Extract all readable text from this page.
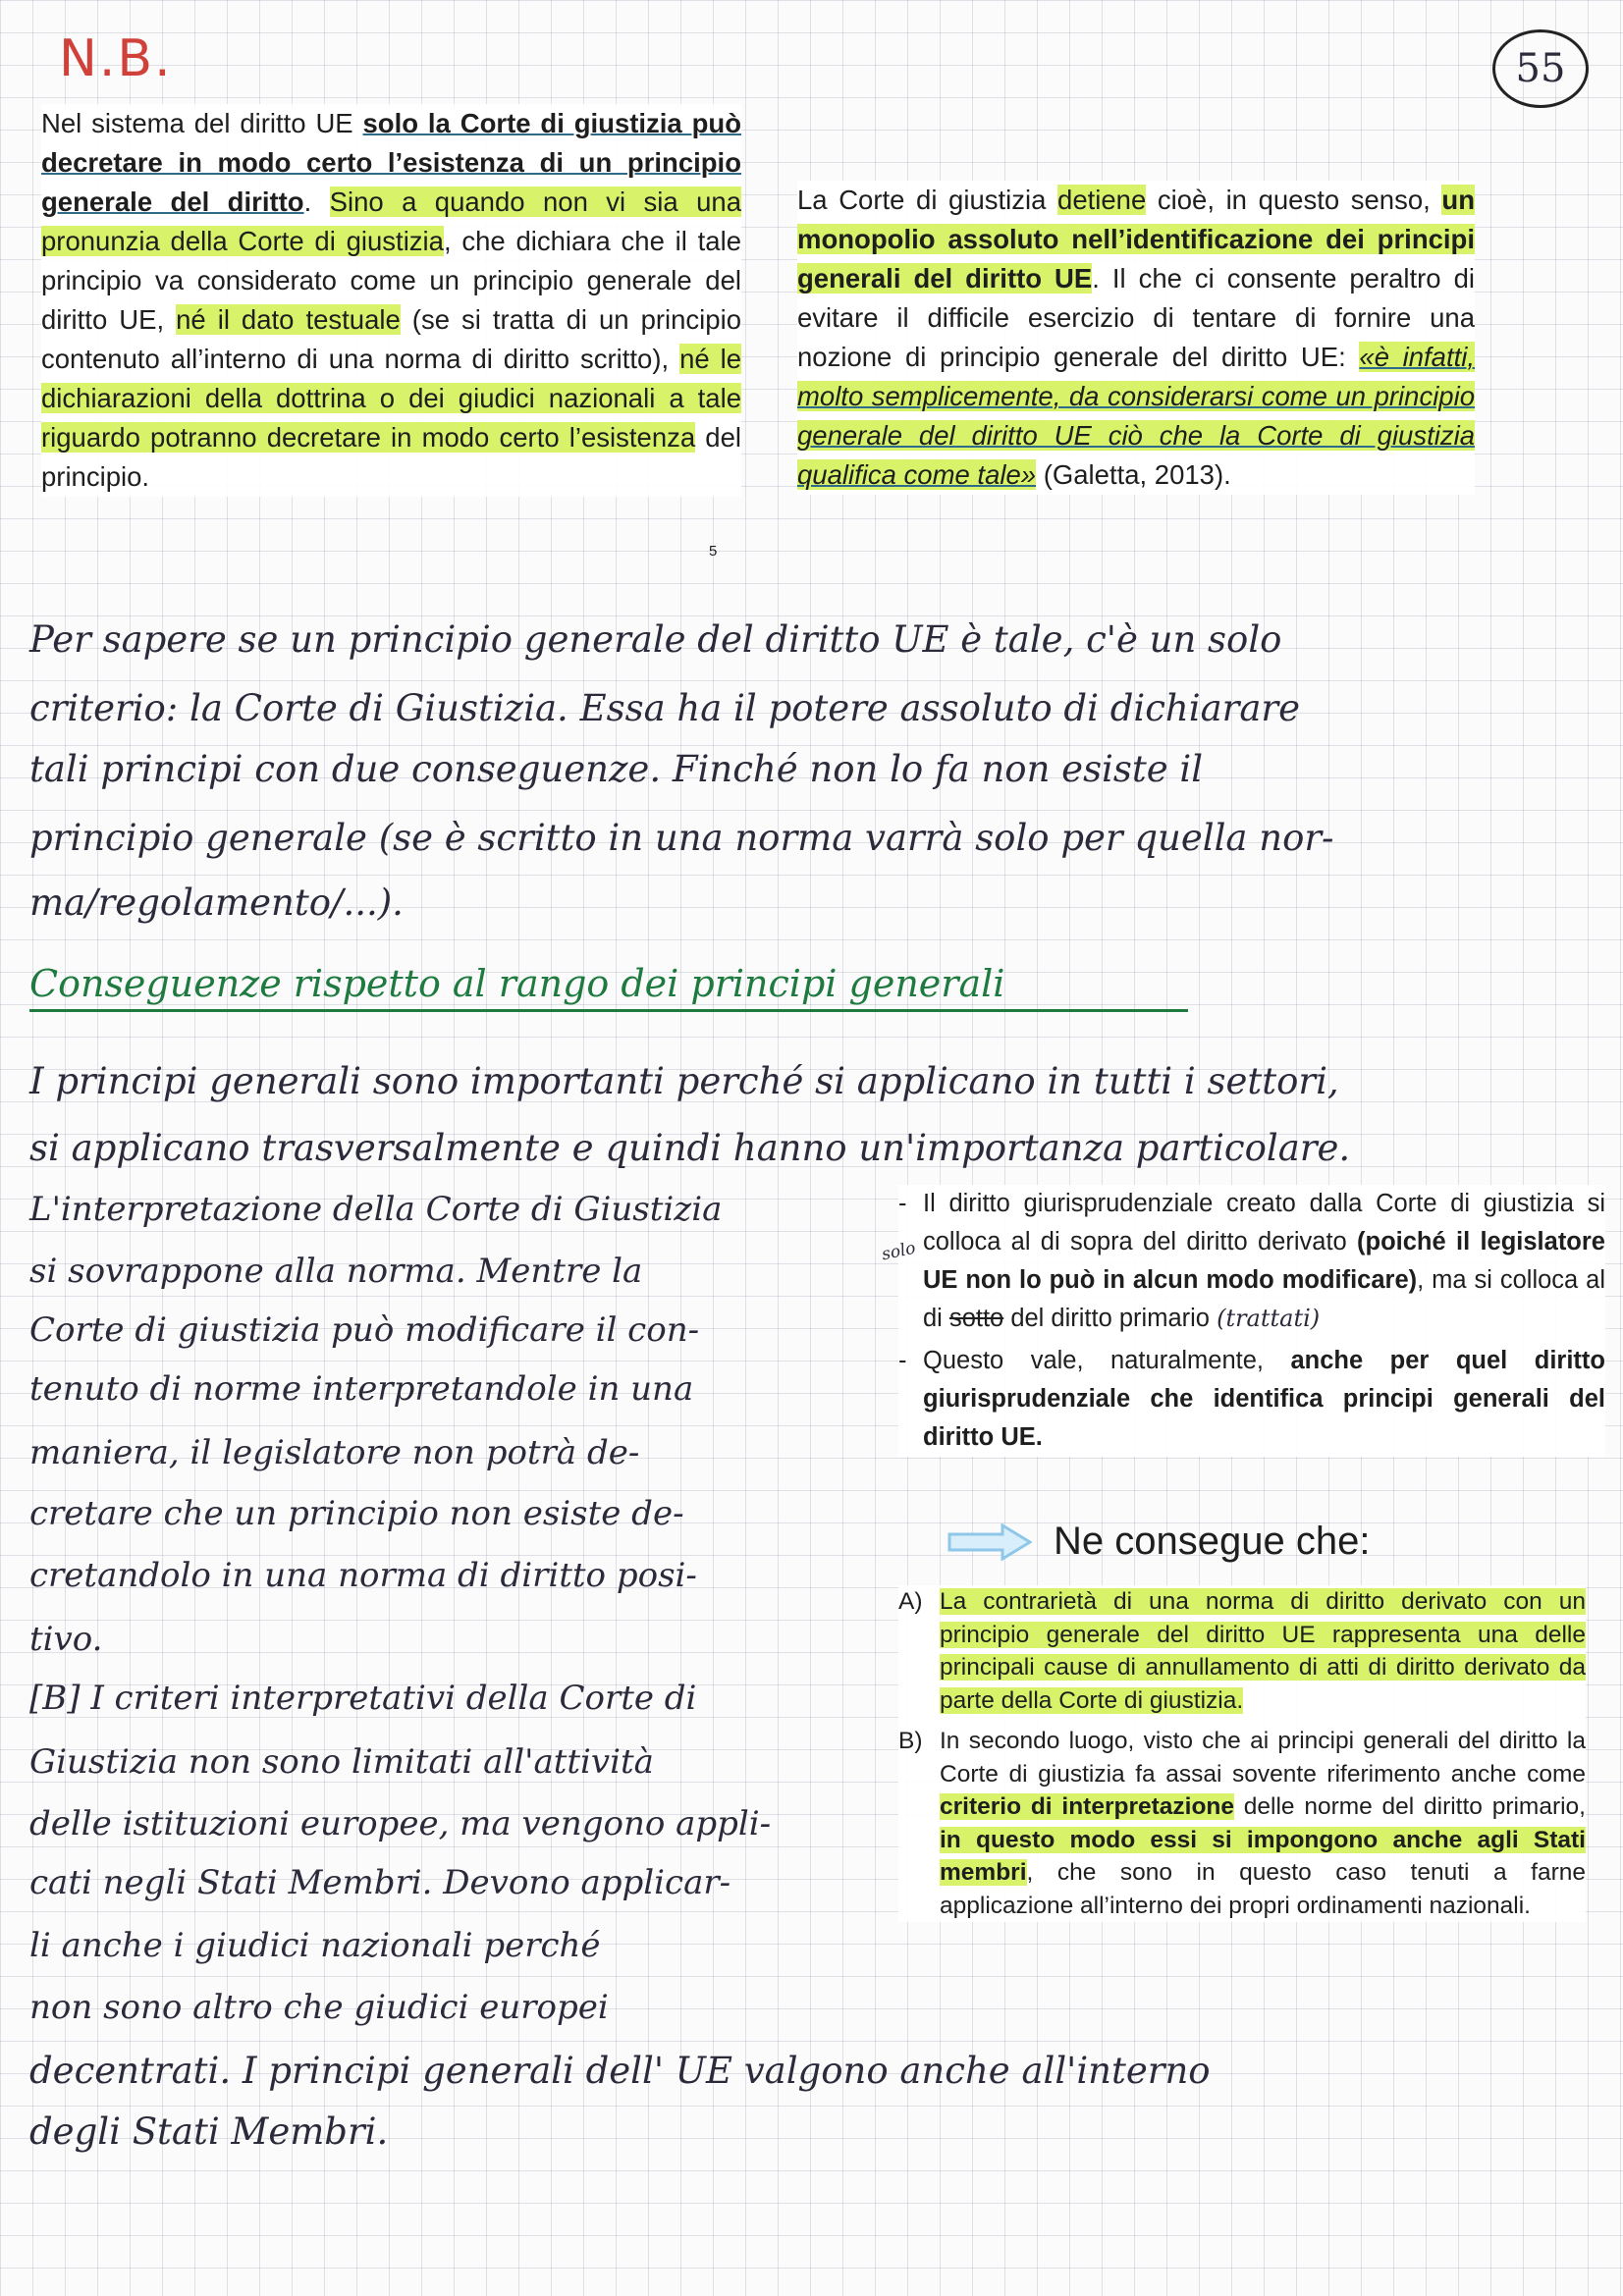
N.B.	55
Nel sistema del diritto UE solo la Corte di giustizia può decretare in modo certo l’esistenza di un principio generale del diritto. Sino a quando non vi sia una pronunzia della Corte di giustizia, che dichiara che il tale principio va considerato come un principio generale del diritto UE, né il dato testuale (se si tratta di un principio contenuto all’interno di una norma di diritto scritto), né le dichiarazioni della dottrina o dei giudici nazionali a tale riguardo potranno decretare in modo certo l’esistenza del principio.
5
La Corte di giustizia detiene cioè, in questo senso, un monopolio assoluto nell’identificazione dei principi generali del diritto UE. Il che ci consente peraltro di evitare il difficile esercizio di tentare di fornire una nozione di principio generale del diritto UE: «è infatti, molto semplicemente, da considerarsi come un principio generale del diritto UE ciò che la Corte di giustizia qualifica come tale» (Galetta, 2013).
Per sapere se un principio generale del diritto UE è tale, c'è un solo
criterio: la Corte di Giustizia. Essa ha il potere assoluto di dichiarare
tali principi con due conseguenze. Finché non lo fa non esiste il
principio generale (se è scritto in una norma varrà solo per quella nor-
ma/regolamento/...).
Conseguenze rispetto al rango dei principi generali
I principi generali sono importanti perché si applicano in tutti i settori,
si applicano trasversalmente e quindi hanno un'importanza particolare.
L'interpretazione della Corte di Giustizia
si sovrappone alla norma. Mentre la
Corte di giustizia può modificare il con-
tenuto di norme interpretandole in una
maniera, il legislatore non potrà de-
cretare che un principio non esiste de-
cretandolo in una norma di diritto posi-
tivo.
[B] I criteri interpretativi della Corte di
Giustizia non sono limitati all'attività
delle istituzioni europee, ma vengono appli-
cati negli Stati Membri. Devono applicar-
li anche i giudici nazionali perché
non sono altro che giudici europei
decentrati. I principi generali dell' UE valgono anche all'interno
degli Stati Membri.
- Il diritto giurisprudenziale creato dalla Corte di giustizia si colloca al di sopra del diritto derivato (poiché il legislatore UE non lo può in alcun modo modificare), ma si colloca al di sotto del diritto primario (trattati)
- Questo vale, naturalmente, anche per quel diritto giurisprudenziale che identifica principi generali del diritto UE.
solo
Ne consegue che:
A) La contrarietà di una norma di diritto derivato con un principio generale del diritto UE rappresenta una delle principali cause di annullamento di atti di diritto derivato da parte della Corte di giustizia.
B) In secondo luogo, visto che ai principi generali del diritto la Corte di giustizia fa assai sovente riferimento anche come criterio di interpretazione delle norme del diritto primario, in questo modo essi si impongono anche agli Stati membri, che sono in questo caso tenuti a farne applicazione all’interno dei propri ordinamenti nazionali.
